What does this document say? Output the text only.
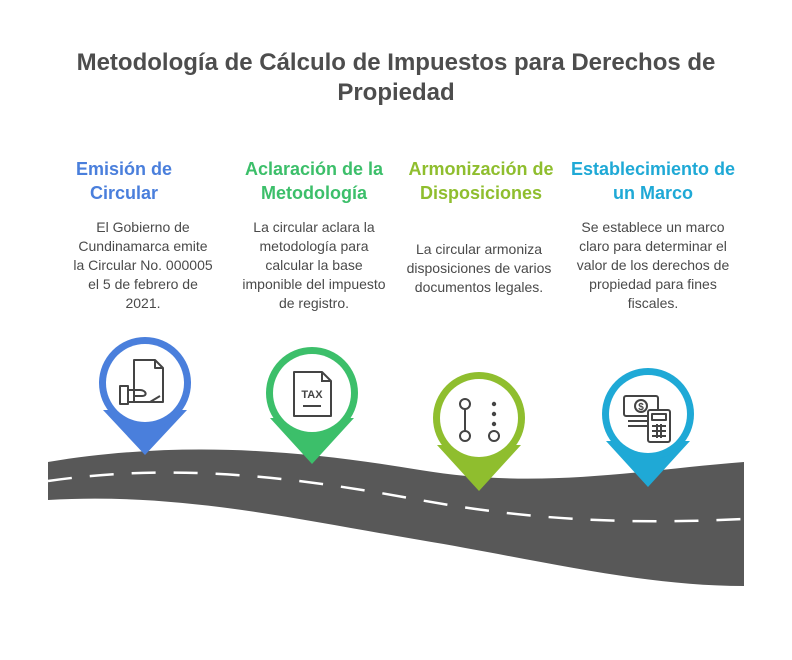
Metodología de Cálculo de Impuestos para Derechos de Propiedad
Emisión de Circular
El Gobierno de Cundinamarca emite la Circular No. 000005 el 5 de febrero de 2021.
Aclaración de la Metodología
La circular aclara la metodología para calcular la base imponible del impuesto de registro.
Armonización de Disposiciones
La circular armoniza disposiciones de varios documentos legales.
Establecimiento de un Marco
Se establece un marco claro para determinar el valor de los derechos de propiedad para fines fiscales.
TAX
$
